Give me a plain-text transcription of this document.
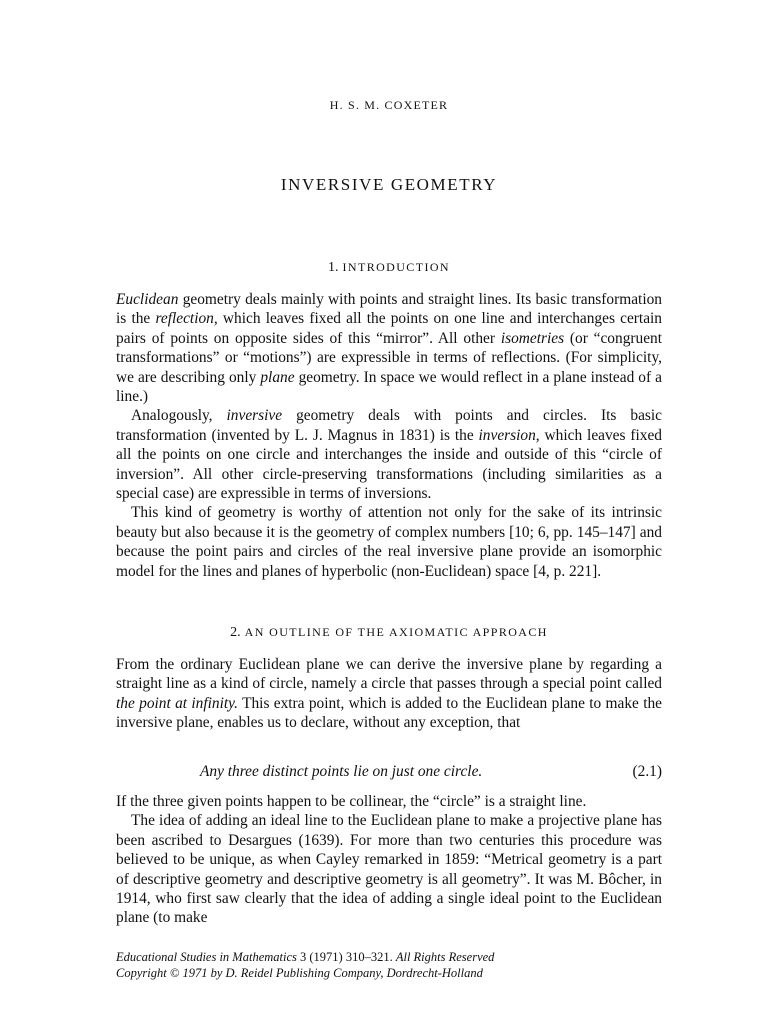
H. S. M. COXETER
INVERSIVE GEOMETRY
1. INTRODUCTION

Euclidean geometry deals mainly with points and straight lines. Its basic transformation is the reflection, which leaves fixed all the points on one line and interchanges certain pairs of points on opposite sides of this “mirror”. All other isometries (or “congruent transformations” or “motions”) are expressible in terms of reflections. (For simplicity, we are describing only plane geometry. In space we would reflect in a plane instead of a line.)

Analogously, inversive geometry deals with points and circles. Its basic transformation (invented by L. J. Magnus in 1831) is the inversion, which leaves fixed all the points on one circle and interchanges the inside and outside of this “circle of inversion”. All other circle-preserving transformations (including similarities as a special case) are expressible in terms of inversions.

This kind of geometry is worthy of attention not only for the sake of its intrinsic beauty but also because it is the geometry of complex numbers [10; 6, pp. 145–147] and because the point pairs and circles of the real inversive plane provide an isomorphic model for the lines and planes of hyperbolic (non-Euclidean) space [4, p. 221].

2. AN OUTLINE OF THE AXIOMATIC APPROACH

From the ordinary Euclidean plane we can derive the inversive plane by regarding a straight line as a kind of circle, namely a circle that passes through a special point called the point at infinity. This extra point, which is added to the Euclidean plane to make the inversive plane, enables us to declare, without any exception, that

Any three distinct points lie on just one circle.	(2.1)

If the three given points happen to be collinear, the “circle” is a straight line.

The idea of adding an ideal line to the Euclidean plane to make a projective plane has been ascribed to Desargues (1639). For more than two centuries this procedure was believed to be unique, as when Cayley remarked in 1859: “Metrical geometry is a part of descriptive geometry and descriptive geometry is all geometry”. It was M. Bôcher, in 1914, who first saw clearly that the idea of adding a single ideal point to the Euclidean plane (to make

Educational Studies in Mathematics 3 (1971) 310–321. All Rights Reserved
Copyright © 1971 by D. Reidel Publishing Company, Dordrecht-Holland
